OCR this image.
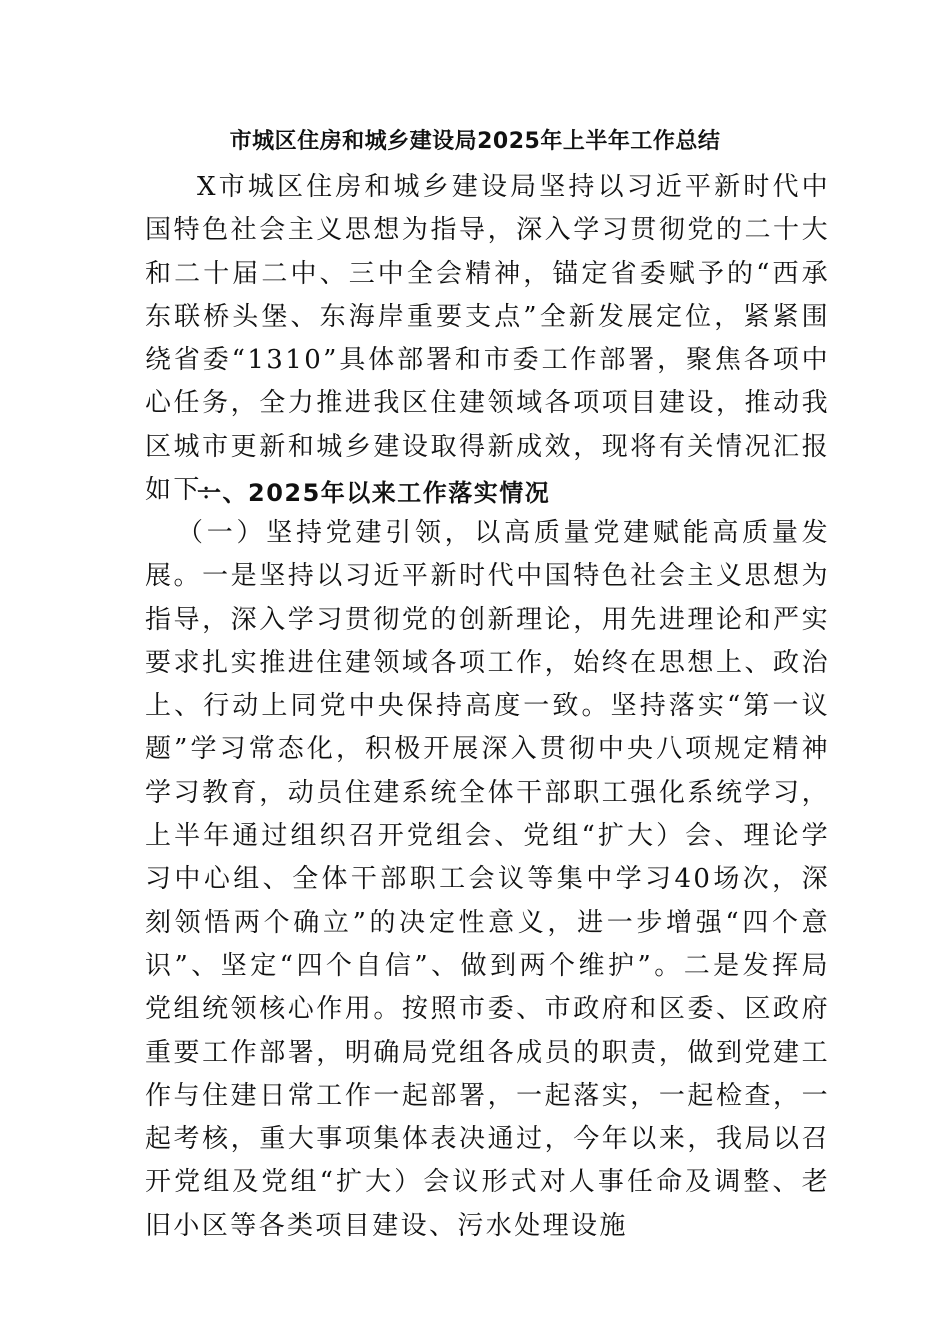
市城区住房和城乡建设局2025年上半年工作总结

X市城区住房和城乡建设局坚持以习近平新时代中国特色社会主义思想为指导，深入学习贯彻党的二十大和二十届二中、三中全会精神，锚定省委赋予的“西承东联桥头堡、东海岸重要支点”全新发展定位，紧紧围绕省委“1310”具体部署和市委工作部署，聚焦各项中心任务，全力推进我区住建领域各项项目建设，推动我区城市更新和城乡建设取得新成效，现将有关情况汇报如下:

一、2025年以来工作落实情况

（一）坚持党建引领，以高质量党建赋能高质量发展。一是坚持以习近平新时代中国特色社会主义思想为指导，深入学习贯彻党的创新理论，用先进理论和严实要求扎实推进住建领域各项工作，始终在思想上、政治上、行动上同党中央保持高度一致。坚持落实“第一议题”学习常态化，积极开展深入贯彻中央八项规定精神学习教育，动员住建系统全体干部职工强化系统学习，上半年通过组织召开党组会、党组“扩大）会、理论学习中心组、全体干部职工会议等集中学习40场次，深刻领悟两个确立”的决定性意义，进一步增强“四个意识”、坚定“四个自信”、做到两个维护”。二是发挥局党组统领核心作用。按照市委、市政府和区委、区政府重要工作部署，明确局党组各成员的职责，做到党建工作与住建日常工作一起部署，一起落实，一起检查，一起考核，重大事项集体表决通过，今年以来，我局以召开党组及党组“扩大）会议形式对人事任命及调整、老旧小区等各类项目建设、污水处理设施
